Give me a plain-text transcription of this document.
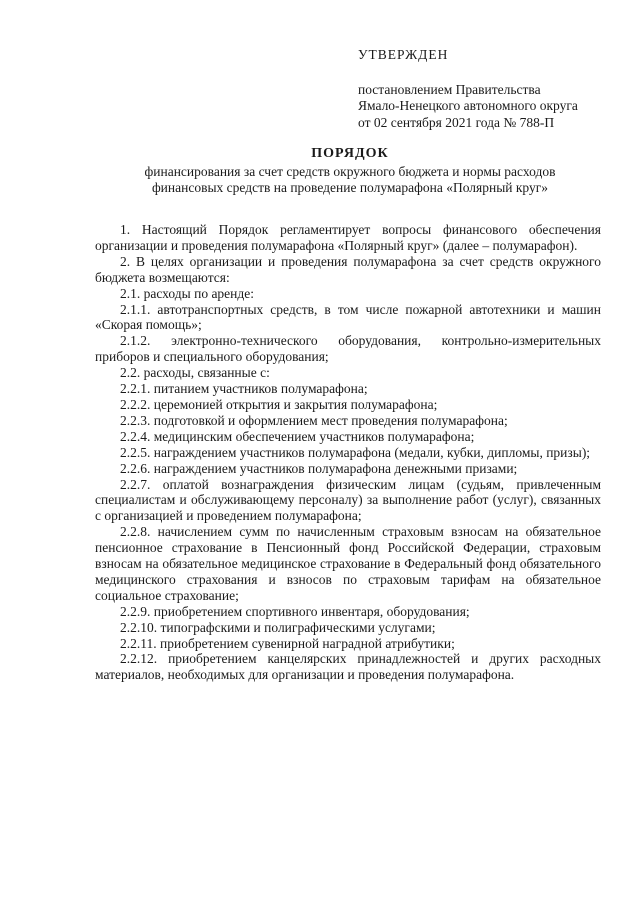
УТВЕРЖДЕН
постановлением Правительства
Ямало-Ненецкого автономного округа
от 02 сентября 2021 года № 788-П
ПОРЯДОК
финансирования за счет средств окружного бюджета и нормы расходов
финансовых средств на проведение полумарафона «Полярный круг»

1. Настоящий Порядок регламентирует вопросы финансового обеспечения организации и проведения полумарафона «Полярный круг» (далее – полумарафон).

2. В целях организации и проведения полумарафона за счет средств окружного бюджета возмещаются:

2.1. расходы по аренде:

2.1.1. автотранспортных средств, в том числе пожарной автотехники и машин «Скорая помощь»;

2.1.2. электронно-технического оборудования, контрольно-измерительных приборов и специального оборудования;

2.2. расходы, связанные с:

2.2.1. питанием участников полумарафона;

2.2.2. церемонией открытия и закрытия полумарафона;

2.2.3. подготовкой и оформлением мест проведения полумарафона;

2.2.4. медицинским обеспечением участников полумарафона;

2.2.5. награждением участников полумарафона (медали, кубки, дипломы, призы);

2.2.6. награждением участников полумарафона денежными призами;

2.2.7. оплатой вознаграждения физическим лицам (судьям, привлеченным специалистам и обслуживающему персоналу) за выполнение работ (услуг), связанных с организацией и проведением полумарафона;

2.2.8. начислением сумм по начисленным страховым взносам на обязательное пенсионное страхование в Пенсионный фонд Российской Федерации, страховым взносам на обязательное медицинское страхование в Федеральный фонд обязательного медицинского страхования и взносов по страховым тарифам на обязательное социальное страхование;

2.2.9. приобретением спортивного инвентаря, оборудования;

2.2.10. типографскими и полиграфическими услугами;

2.2.11. приобретением сувенирной наградной атрибутики;

2.2.12. приобретением канцелярских принадлежностей и других расходных материалов, необходимых для организации и проведения полумарафона.
